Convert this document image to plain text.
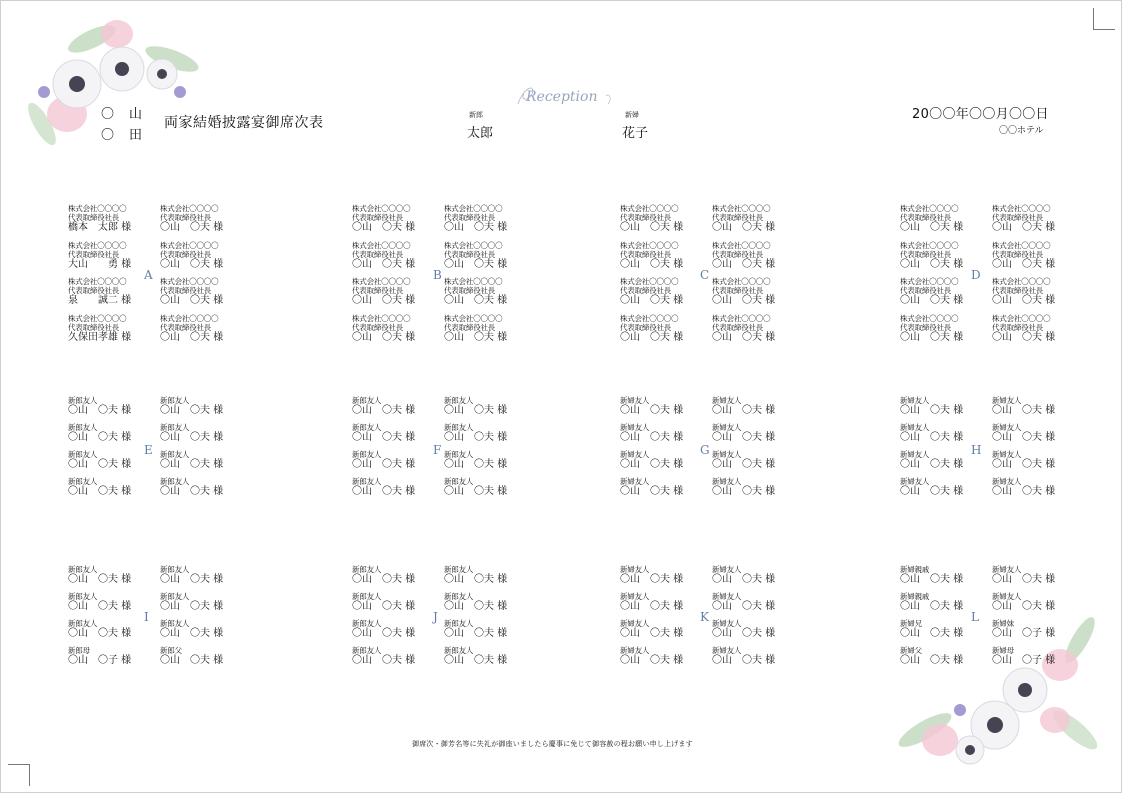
〇　山
〇　田
両家結婚披露宴御席次表	新郎
太郎
Reception
新婦
花子
20〇〇年〇〇月〇〇日
〇〇ホテル
A
株式会社〇〇〇〇
代表取締役社長
橋本　太郎 様
株式会社〇〇〇〇
代表取締役社長
〇山　〇夫 様
株式会社〇〇〇〇
代表取締役社長
大山　　勇 様
株式会社〇〇〇〇
代表取締役社長
〇山　〇夫 様
株式会社〇〇〇〇
代表取締役社長
泉　　誠二 様
株式会社〇〇〇〇
代表取締役社長
〇山　〇夫 様
株式会社〇〇〇〇
代表取締役社長
久保田孝雄 様
株式会社〇〇〇〇
代表取締役社長
〇山　〇夫 様
B
株式会社〇〇〇〇
代表取締役社長
〇山　〇夫 様
株式会社〇〇〇〇
代表取締役社長
〇山　〇夫 様
株式会社〇〇〇〇
代表取締役社長
〇山　〇夫 様
株式会社〇〇〇〇
代表取締役社長
〇山　〇夫 様
株式会社〇〇〇〇
代表取締役社長
〇山　〇夫 様
株式会社〇〇〇〇
代表取締役社長
〇山　〇夫 様
株式会社〇〇〇〇
代表取締役社長
〇山　〇夫 様
株式会社〇〇〇〇
代表取締役社長
〇山　〇夫 様
C
株式会社〇〇〇〇
代表取締役社長
〇山　〇夫 様
株式会社〇〇〇〇
代表取締役社長
〇山　〇夫 様
株式会社〇〇〇〇
代表取締役社長
〇山　〇夫 様
株式会社〇〇〇〇
代表取締役社長
〇山　〇夫 様
株式会社〇〇〇〇
代表取締役社長
〇山　〇夫 様
株式会社〇〇〇〇
代表取締役社長
〇山　〇夫 様
株式会社〇〇〇〇
代表取締役社長
〇山　〇夫 様
株式会社〇〇〇〇
代表取締役社長
〇山　〇夫 様
D
株式会社〇〇〇〇
代表取締役社長
〇山　〇夫 様
株式会社〇〇〇〇
代表取締役社長
〇山　〇夫 様
株式会社〇〇〇〇
代表取締役社長
〇山　〇夫 様
株式会社〇〇〇〇
代表取締役社長
〇山　〇夫 様
株式会社〇〇〇〇
代表取締役社長
〇山　〇夫 様
株式会社〇〇〇〇
代表取締役社長
〇山　〇夫 様
株式会社〇〇〇〇
代表取締役社長
〇山　〇夫 様
株式会社〇〇〇〇
代表取締役社長
〇山　〇夫 様
E
新郎友人
〇山　〇夫 様
新郎友人
〇山　〇夫 様
新郎友人
〇山　〇夫 様
新郎友人
〇山　〇夫 様
新郎友人
〇山　〇夫 様
新郎友人
〇山　〇夫 様
新郎友人
〇山　〇夫 様
新郎友人
〇山　〇夫 様
F
新郎友人
〇山　〇夫 様
新郎友人
〇山　〇夫 様
新郎友人
〇山　〇夫 様
新郎友人
〇山　〇夫 様
新郎友人
〇山　〇夫 様
新郎友人
〇山　〇夫 様
新郎友人
〇山　〇夫 様
新郎友人
〇山　〇夫 様
G
新婦友人
〇山　〇夫 様
新婦友人
〇山　〇夫 様
新婦友人
〇山　〇夫 様
新婦友人
〇山　〇夫 様
新婦友人
〇山　〇夫 様
新婦友人
〇山　〇夫 様
新婦友人
〇山　〇夫 様
新婦友人
〇山　〇夫 様
H
新婦友人
〇山　〇夫 様
新婦友人
〇山　〇夫 様
新婦友人
〇山　〇夫 様
新婦友人
〇山　〇夫 様
新婦友人
〇山　〇夫 様
新婦友人
〇山　〇夫 様
新婦友人
〇山　〇夫 様
新婦友人
〇山　〇夫 様
I
新郎友人
〇山　〇夫 様
新郎友人
〇山　〇夫 様
新郎友人
〇山　〇夫 様
新郎友人
〇山　〇夫 様
新郎友人
〇山　〇夫 様
新郎友人
〇山　〇夫 様
新郎母
〇山　〇子 様
新郎父
〇山　〇夫 様
J
新郎友人
〇山　〇夫 様
新郎友人
〇山　〇夫 様
新郎友人
〇山　〇夫 様
新郎友人
〇山　〇夫 様
新郎友人
〇山　〇夫 様
新郎友人
〇山　〇夫 様
新郎友人
〇山　〇夫 様
新郎友人
〇山　〇夫 様
K
新婦友人
〇山　〇夫 様
新婦友人
〇山　〇夫 様
新婦友人
〇山　〇夫 様
新婦友人
〇山　〇夫 様
新婦友人
〇山　〇夫 様
新婦友人
〇山　〇夫 様
新婦友人
〇山　〇夫 様
新婦友人
〇山　〇夫 様
L
新婦親戚
〇山　〇夫 様
新婦友人
〇山　〇夫 様
新婦親戚
〇山　〇夫 様
新婦友人
〇山　〇夫 様
新婦兄
〇山　〇夫 様
新婦妹
〇山　〇子 様
新婦父
〇山　〇夫 様
新婦母
〇山　〇子 様
御席次・御芳名等に失礼が御座いましたら慶事に免じて御容赦の程お願い申し上げます
